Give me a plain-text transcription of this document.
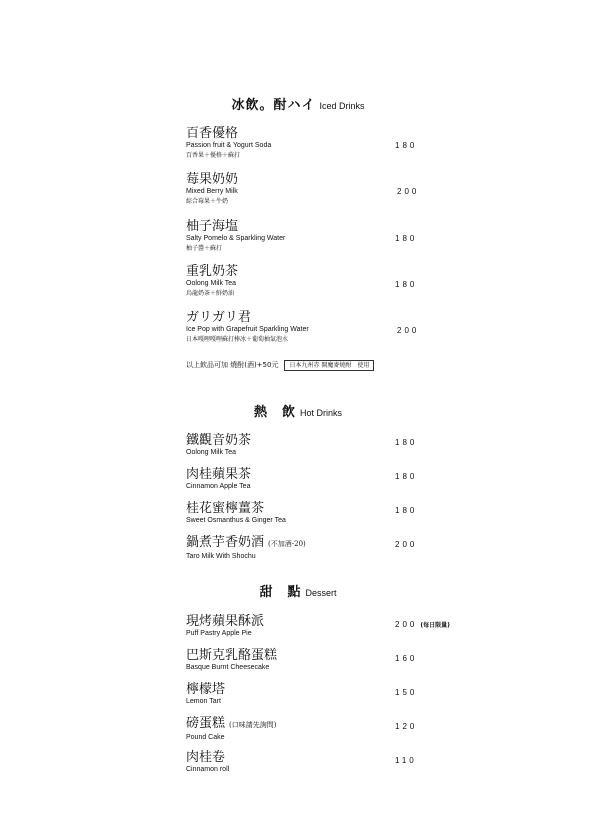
冰飲。酎ハイ Iced Drinks
百香優格
Passion fruit & Yogurt Soda
百香果＋優格＋蘇打
180
莓果奶奶
Mixed Berry Milk
綜合莓果＋牛奶
200
柚子海塩
Salty Pomelo & Sparkling Water
柚子醬＋蘇打
180
重乳奶茶
Oolong Milk Tea
烏龍奶茶＋鮮奶油
180
ガリガリ君
Ice Pop with Grapefruit Sparkling Water
日本嘎哩嘎哩蘇打棒冰＋葡萄柚氣泡水
200
以上飲品可加 燒酎(酒)+50元 日本九州赤 開魔麥燒酎　使用
熱　飲 Hot Drinks
鐵觀音奶茶
Oolong Milk Tea
180
肉桂蘋果茶
Cinnamon Apple Tea
180
桂花蜜檸薑茶
Sweet Osmanthus & Ginger Tea
180
鍋煮芋香奶酒 (不加酒-20)
Taro Milk With Shochu
200
甜　點 Dessert
現烤蘋果酥派
Puff Pastry Apple Pie
200 (每日限量)
巴斯克乳酪蛋糕
Basque Burnt Cheesecake
160
檸檬塔
Lemon Tart
150
磅蛋糕 (口味請先詢問)
Pound Cake
120
肉桂卷
Cinnamon roll
110
